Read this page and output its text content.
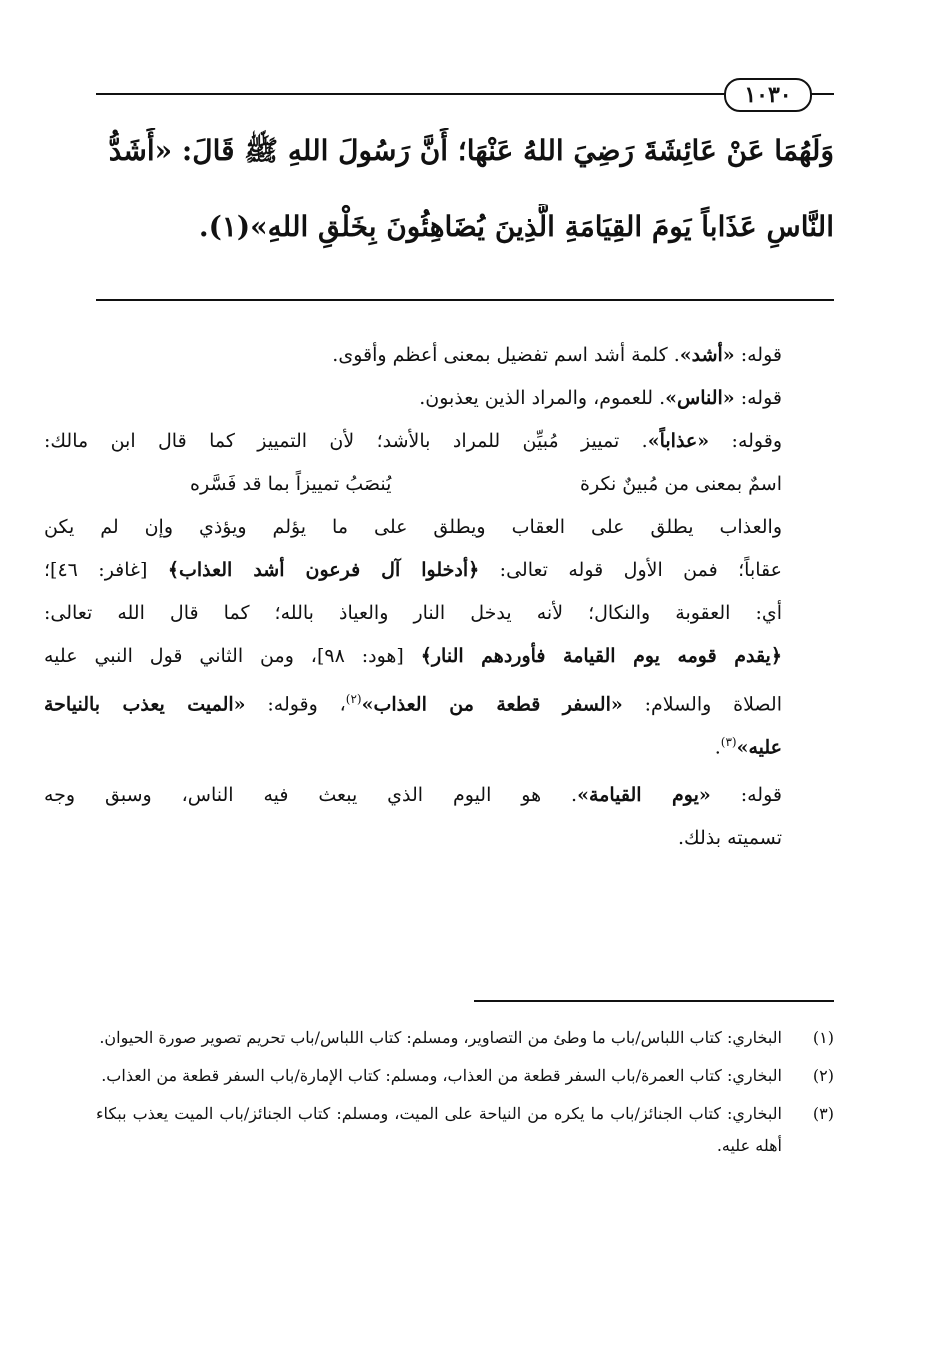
١٠٣٠
وَلَهُمَا عَنْ عَائِشَةَ رَضِيَ اللهُ عَنْهَا؛ أَنَّ رَسُولَ اللهِ ﷺ قَالَ: «أَشَدُّ
النَّاسِ عَذَاباً يَومَ القِيَامَةِ الَّذِينَ يُضَاهِئُونَ بِخَلْقِ اللهِ»(١).
قوله: «أشد». كلمة أشد اسم تفضيل بمعنى أعظم وأقوى.
قوله: «الناس». للعموم، والمراد الذين يعذبون.
وقوله: «عذاباً». تمييز مُبيِّن للمراد بالأشد؛ لأن التمييز كما قال ابن مالك:
اسمٌ بمعنى من مُبينٌ نكرة
يُنصَبُ تمييزاً بما قد فَسَّره
والعذاب يطلق على العقاب ويطلق على ما يؤلم ويؤذي وإن لم يكن
عقاباً؛ فمن الأول قوله تعالى: ﴿أدخلوا آل فرعون أشد العذاب﴾ [غافر: ٤٦]؛
أي: العقوبة والنكال؛ لأنه يدخل النار والعياذ بالله؛ كما قال الله تعالى:
﴿يقدم قومه يوم القيامة فأوردهم النار﴾ [هود: ٩٨]، ومن الثاني قول النبي عليه
الصلاة والسلام: «السفر قطعة من العذاب»$^{(٢)}$، وقوله: «الميت يعذب بالنياحة
عليه»$^{(٣)}$.
قوله: «يوم القيامة». هو اليوم الذي يبعث فيه الناس، وسبق وجه
تسميته بذلك.
(١)
البخاري: كتاب اللباس/باب ما وطئ من التصاوير، ومسلم: كتاب اللباس/باب تحريم تصوير صورة الحيوان.
(٢)
البخاري: كتاب العمرة/باب السفر قطعة من العذاب، ومسلم: كتاب الإمارة/باب السفر قطعة من العذاب.
(٣)
البخاري: كتاب الجنائز/باب ما يكره من النياحة على الميت، ومسلم: كتاب الجنائز/باب الميت يعذب ببكاء أهله عليه.
